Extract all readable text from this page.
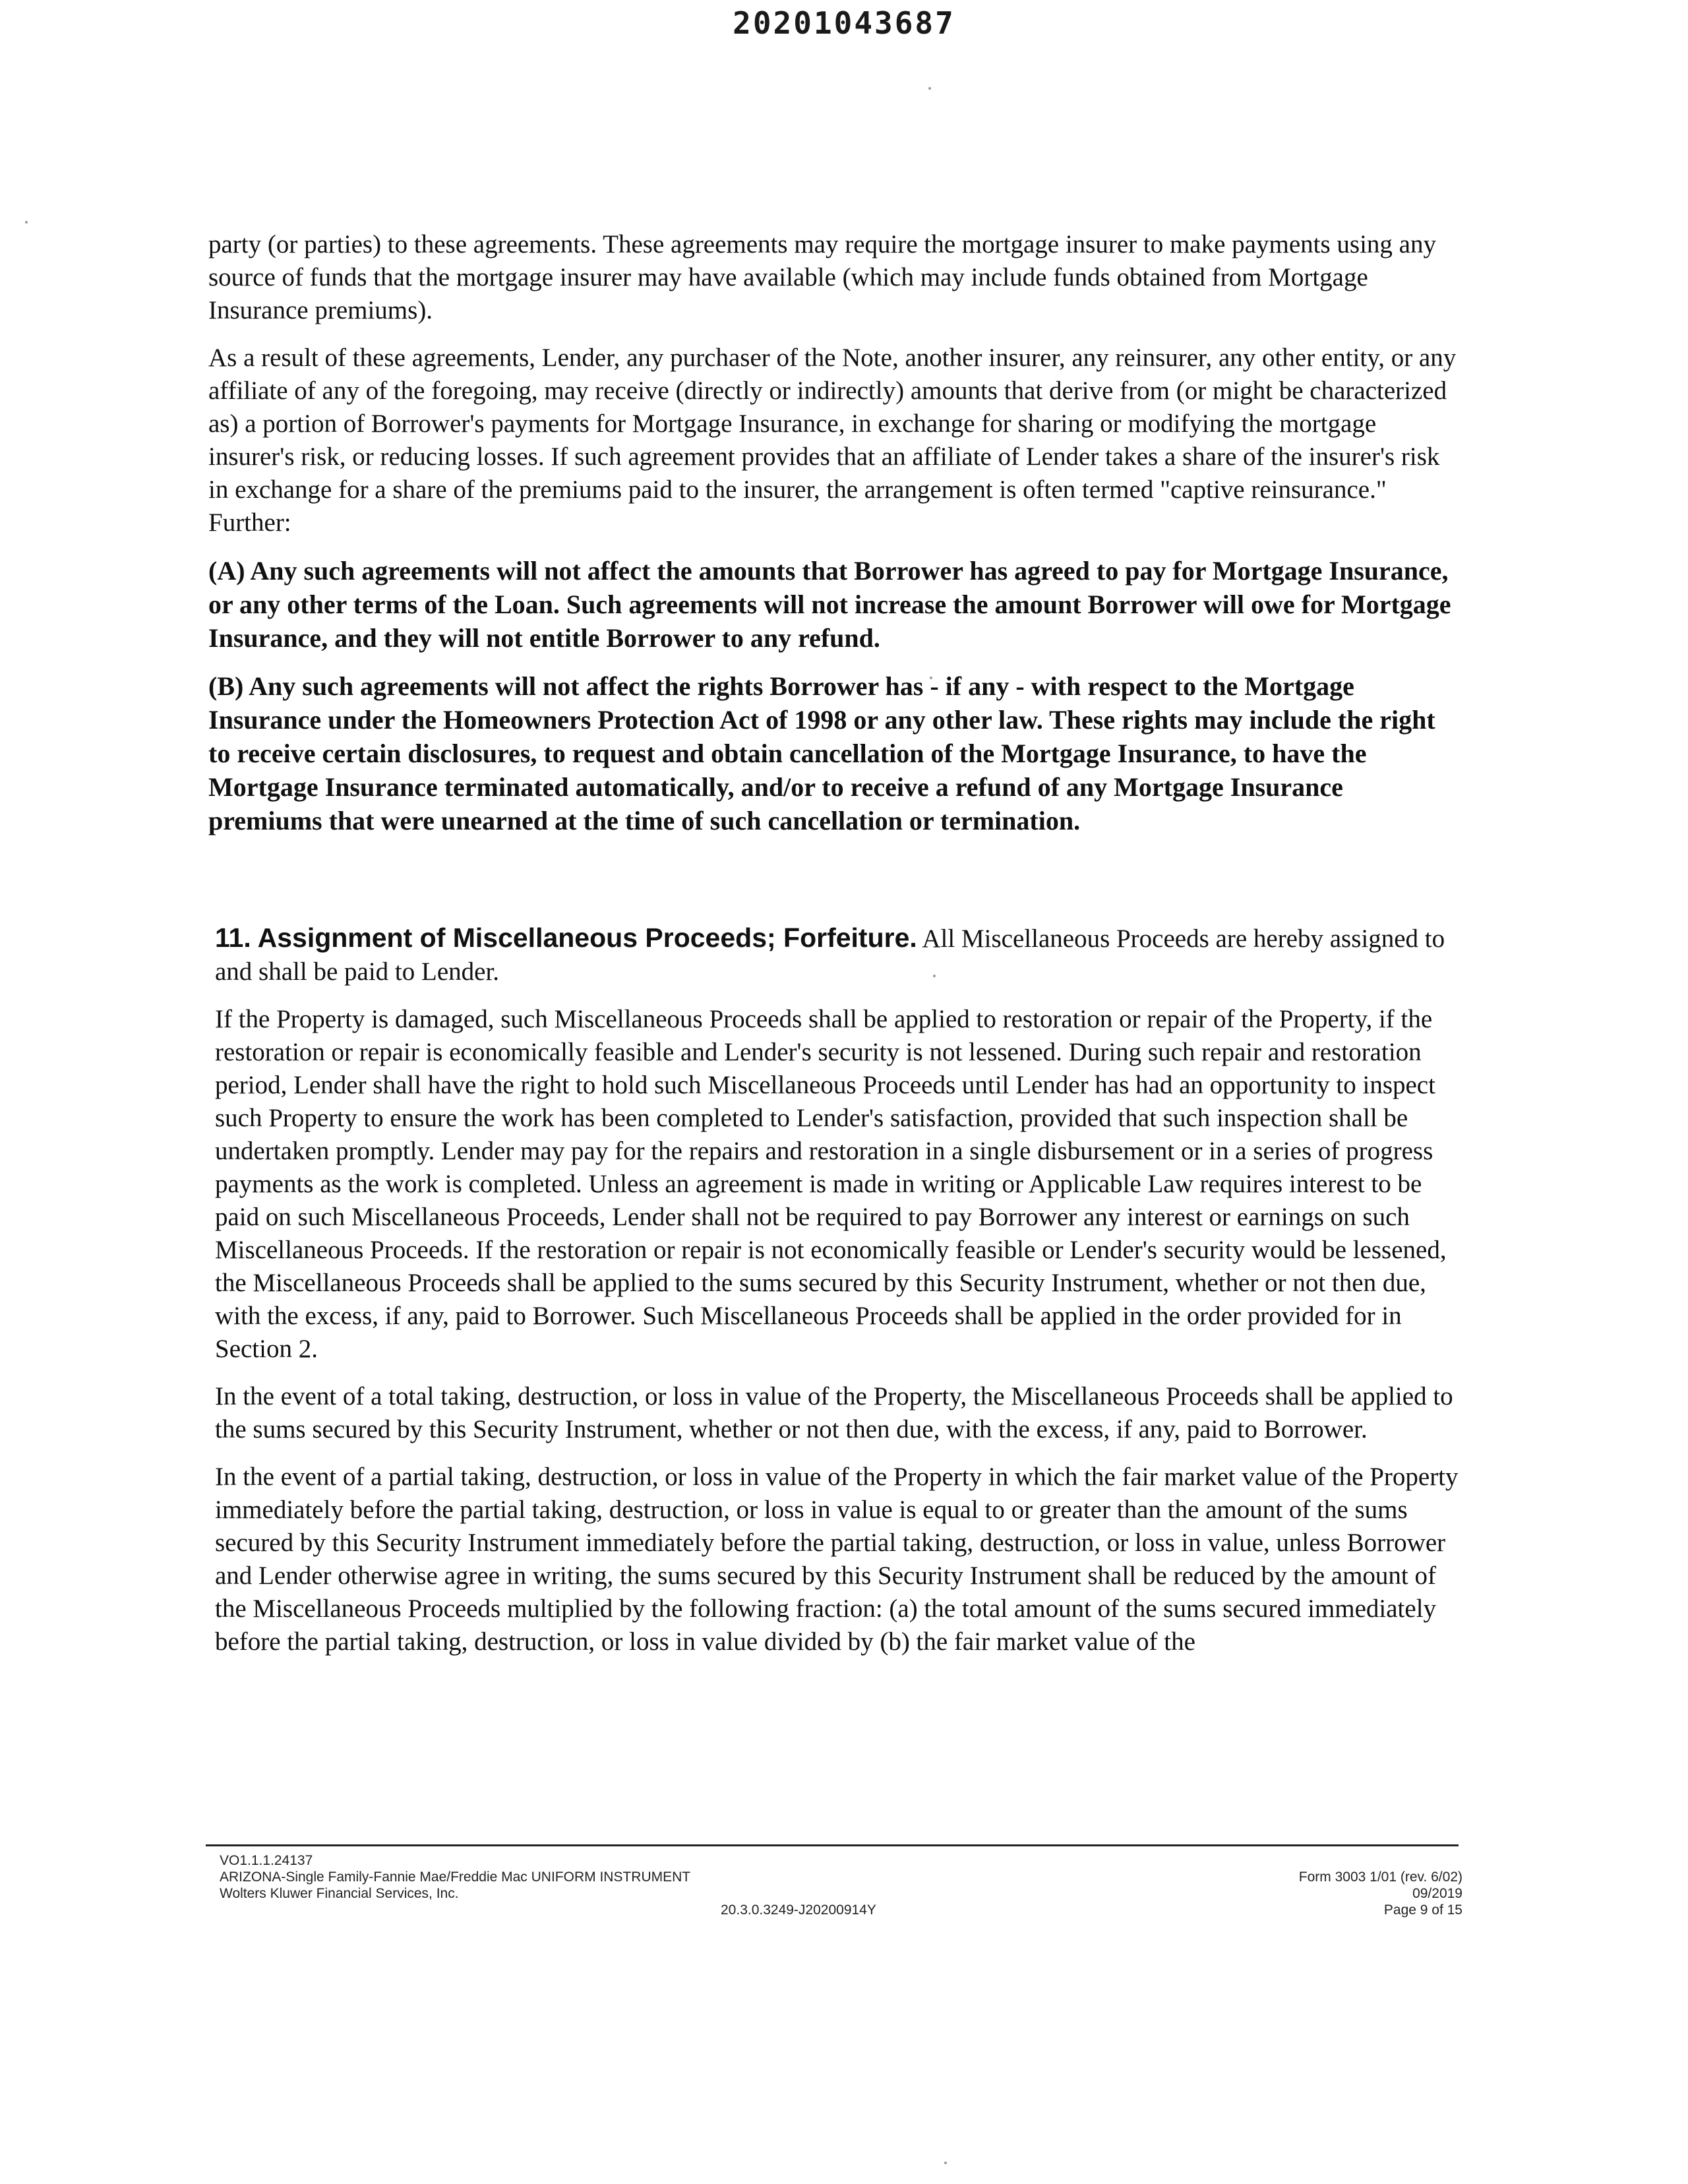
20201043687

party (or parties) to these agreements. These agreements may require the mortgage insurer to make payments using any source of funds that the mortgage insurer may have available (which may include funds obtained from Mortgage Insurance premiums).

As a result of these agreements, Lender, any purchaser of the Note, another insurer, any reinsurer, any other entity, or any affiliate of any of the foregoing, may receive (directly or indirectly) amounts that derive from (or might be characterized as) a portion of Borrower's payments for Mortgage Insurance, in exchange for sharing or modifying the mortgage insurer's risk, or reducing losses. If such agreement provides that an affiliate of Lender takes a share of the insurer's risk in exchange for a share of the premiums paid to the insurer, the arrangement is often termed "captive reinsurance." Further:

(A) Any such agreements will not affect the amounts that Borrower has agreed to pay for Mortgage Insurance, or any other terms of the Loan. Such agreements will not increase the amount Borrower will owe for Mortgage Insurance, and they will not entitle Borrower to any refund.

(B) Any such agreements will not affect the rights Borrower has - if any - with respect to the Mortgage Insurance under the Homeowners Protection Act of 1998 or any other law. These rights may include the right to receive certain disclosures, to request and obtain cancellation of the Mortgage Insurance, to have the Mortgage Insurance terminated automatically, and/or to receive a refund of any Mortgage Insurance premiums that were unearned at the time of such cancellation or termination.

11. Assignment of Miscellaneous Proceeds; Forfeiture. All Miscellaneous Proceeds are hereby assigned to and shall be paid to Lender.

If the Property is damaged, such Miscellaneous Proceeds shall be applied to restoration or repair of the Property, if the restoration or repair is economically feasible and Lender's security is not lessened. During such repair and restoration period, Lender shall have the right to hold such Miscellaneous Proceeds until Lender has had an opportunity to inspect such Property to ensure the work has been completed to Lender's satisfaction, provided that such inspection shall be undertaken promptly. Lender may pay for the repairs and restoration in a single disbursement or in a series of progress payments as the work is completed. Unless an agreement is made in writing or Applicable Law requires interest to be paid on such Miscellaneous Proceeds, Lender shall not be required to pay Borrower any interest or earnings on such Miscellaneous Proceeds. If the restoration or repair is not economically feasible or Lender's security would be lessened, the Miscellaneous Proceeds shall be applied to the sums secured by this Security Instrument, whether or not then due, with the excess, if any, paid to Borrower. Such Miscellaneous Proceeds shall be applied in the order provided for in Section 2.

In the event of a total taking, destruction, or loss in value of the Property, the Miscellaneous Proceeds shall be applied to the sums secured by this Security Instrument, whether or not then due, with the excess, if any, paid to Borrower.

In the event of a partial taking, destruction, or loss in value of the Property in which the fair market value of the Property immediately before the partial taking, destruction, or loss in value is equal to or greater than the amount of the sums secured by this Security Instrument immediately before the partial taking, destruction, or loss in value, unless Borrower and Lender otherwise agree in writing, the sums secured by this Security Instrument shall be reduced by the amount of the Miscellaneous Proceeds multiplied by the following fraction: (a) the total amount of the sums secured immediately before the partial taking, destruction, or loss in value divided by (b) the fair market value of the

VO1.1.1.24137
ARIZONA-Single Family-Fannie Mae/Freddie Mac UNIFORM INSTRUMENT
Wolters Kluwer Financial Services, Inc.
20.3.0.3249-J20200914Y
Form 3003 1/01 (rev. 6/02)
09/2019
Page 9 of 15
